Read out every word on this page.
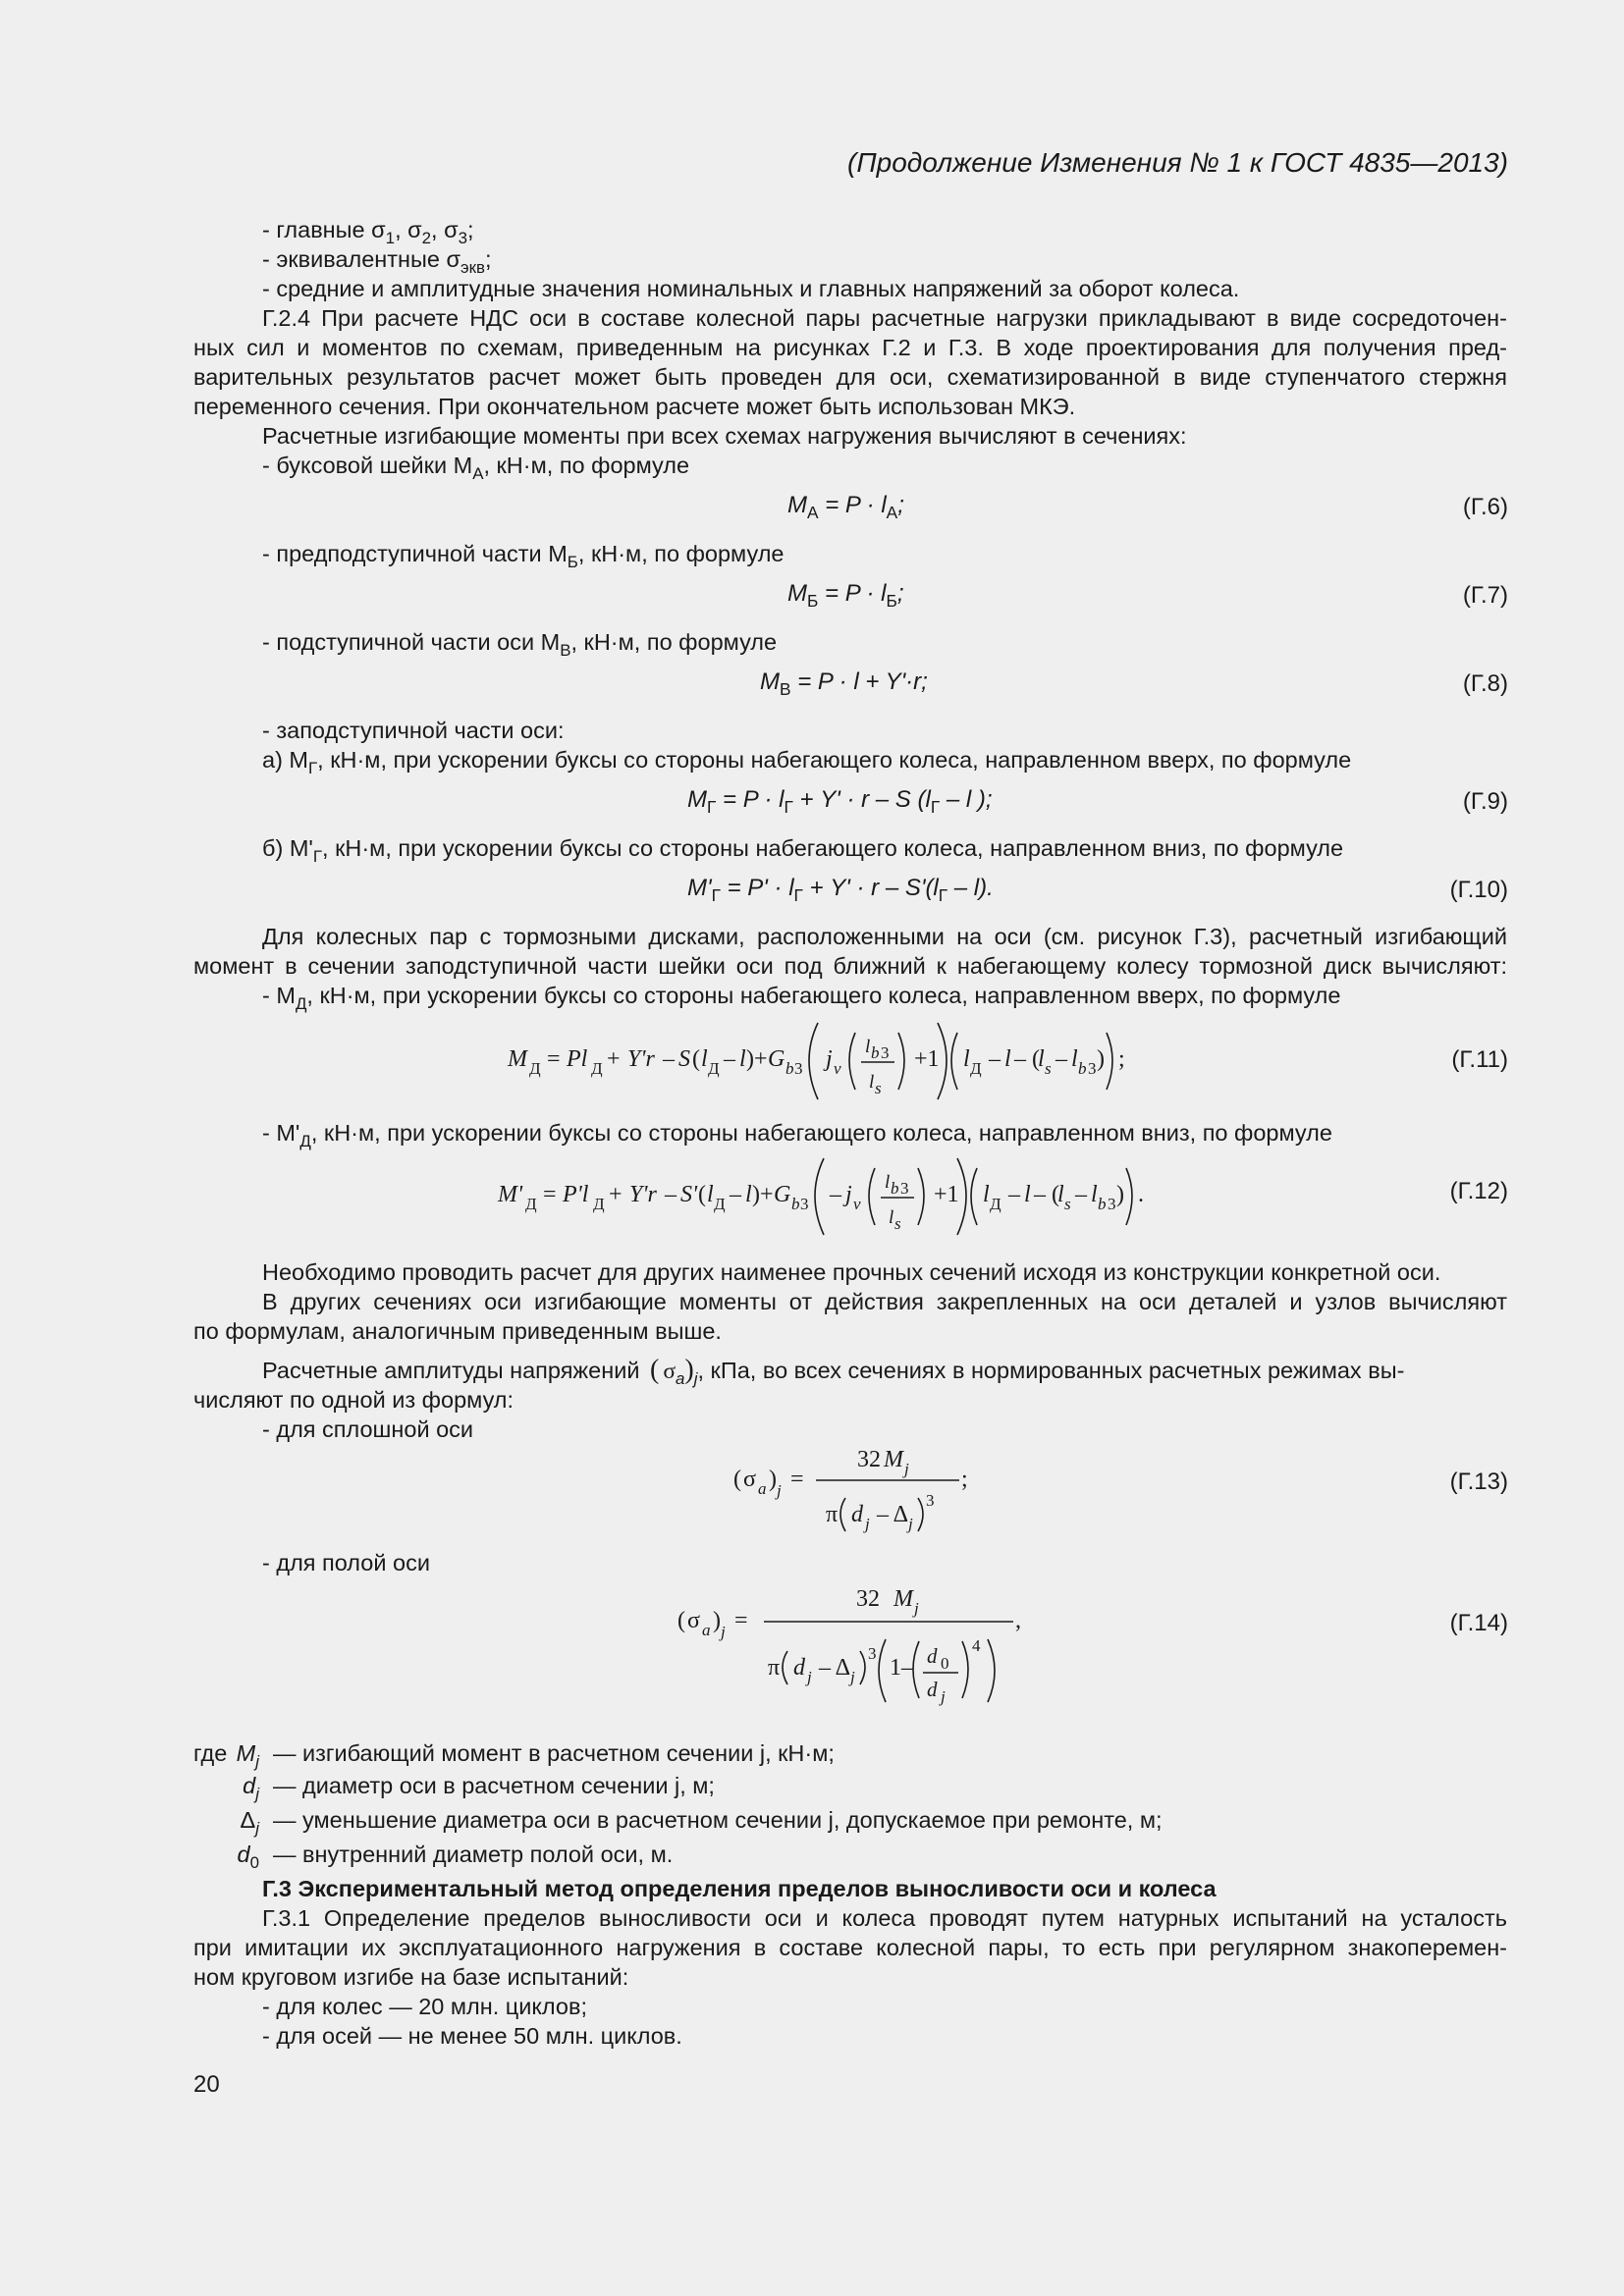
(Продолжение Изменения № 1 к ГОСТ 4835—2013)
- главные $\sigma_1$, $\sigma_2$, $\sigma_3$;
- эквивалентные $\sigma_{экв}$;
- средние и амплитудные значения номинальных и главных напряжений за оборот колеса.
Г.2.4 При расчете НДС оси в составе колесной пары расчетные нагрузки прикладывают в виде сосредоточен-
ных сил и моментов по схемам, приведенным на рисунках Г.2 и Г.3. В ходе проектирования для получения пред-
варительных результатов расчет может быть проведен для оси, схематизированной в виде ступенчатого стержня
переменного сечения. При окончательном расчете может быть использован МКЭ.
Расчетные изгибающие моменты при всех схемах нагружения вычисляют в сечениях:
- буксовой шейки $M_А$, кН·м, по формуле
$M_А = P \cdot l_А$;	(Г.6)
- предподступичной части $M_Б$, кН·м, по формуле
$M_Б = P \cdot l_Б$;	(Г.7)
- подступичной части оси $M_В$, кН·м, по формуле
$M_В = P \cdot l + Y'\cdot r$;	(Г.8)
- заподступичной части оси:
а) $M_Г$, кН·м, при ускорении буксы со стороны набегающего колеса, направленном вверх, по формуле
$M_Г = P \cdot l_Г + Y' \cdot r - S$ ($l_Г$ – l );	(Г.9)
б) $M'_Г$, кН·м, при ускорении буксы со стороны набегающего колеса, направленном вниз, по формуле
$M'_Г = P' \cdot l_Г + Y' \cdot r - S'(l_Г - l)$.	(Г.10)
Для колесных пар с тормозными дисками, расположенными на оси (см. рисунок Г.3), расчетный изгибающий
момент в сечении заподступичной части шейки оси под ближний к набегающему колесу тормозной диск вычисляют:
- $M_Д$, кН·м, при ускорении буксы со стороны набегающего колеса, направленном вверх, по формуле
M Д = Pl Д + Y'r – S ( l Д – l )+ G b 3 j v
l b 3
l s
+1 l Д – l – (
l s – l b 3 ) ;	(Г.11)
- $M'_Д$, кН·м, при ускорении буксы со стороны набегающего колеса, направленном вниз, по формуле
M' Д = P'l Д + Y'r – S' ( l Д – l )+ G b 3 – j v
l b 3
l s
+1 l Д – l – (
l s – l b 3 ) .	(Г.12)
Необходимо проводить расчет для других наименее прочных сечений исходя из конструкции конкретной оси.
В других сечениях оси изгибающие моменты от действия закрепленных на оси деталей и узлов вычисляют
по формулам, аналогичным приведенным выше.
Расчетные амплитуды напряжений ( $\sigma_a)_j$, кПа, во всех сечениях в нормированных расчетных режимах вы-
числяют по одной из формул:
- для сплошной оси
( σ a ) j =
32 M j
π d j – Δ j
3
;	(Г.13)
- для полой оси
( σ a ) j =
32 M j
π d j – Δ j
3
1– d 0
d j
4
,	(Г.14)
где $M_j$ — изгибающий момент в расчетном сечении j, кН·м;
$d_j$ — диаметр оси в расчетном сечении j, м;
$\Delta_j$ — уменьшение диаметра оси в расчетном сечении j, допускаемое при ремонте, м;
$d_0$ — внутренний диаметр полой оси, м.
Г.3 Экспериментальный метод определения пределов выносливости оси и колеса
Г.3.1 Определение пределов выносливости оси и колеса проводят путем натурных испытаний на усталость
при имитации их эксплуатационного нагружения в составе колесной пары, то есть при регулярном знакоперемен-
ном круговом изгибе на базе испытаний:
- для колес — 20 млн. циклов;
- для осей — не менее 50 млн. циклов.
20
